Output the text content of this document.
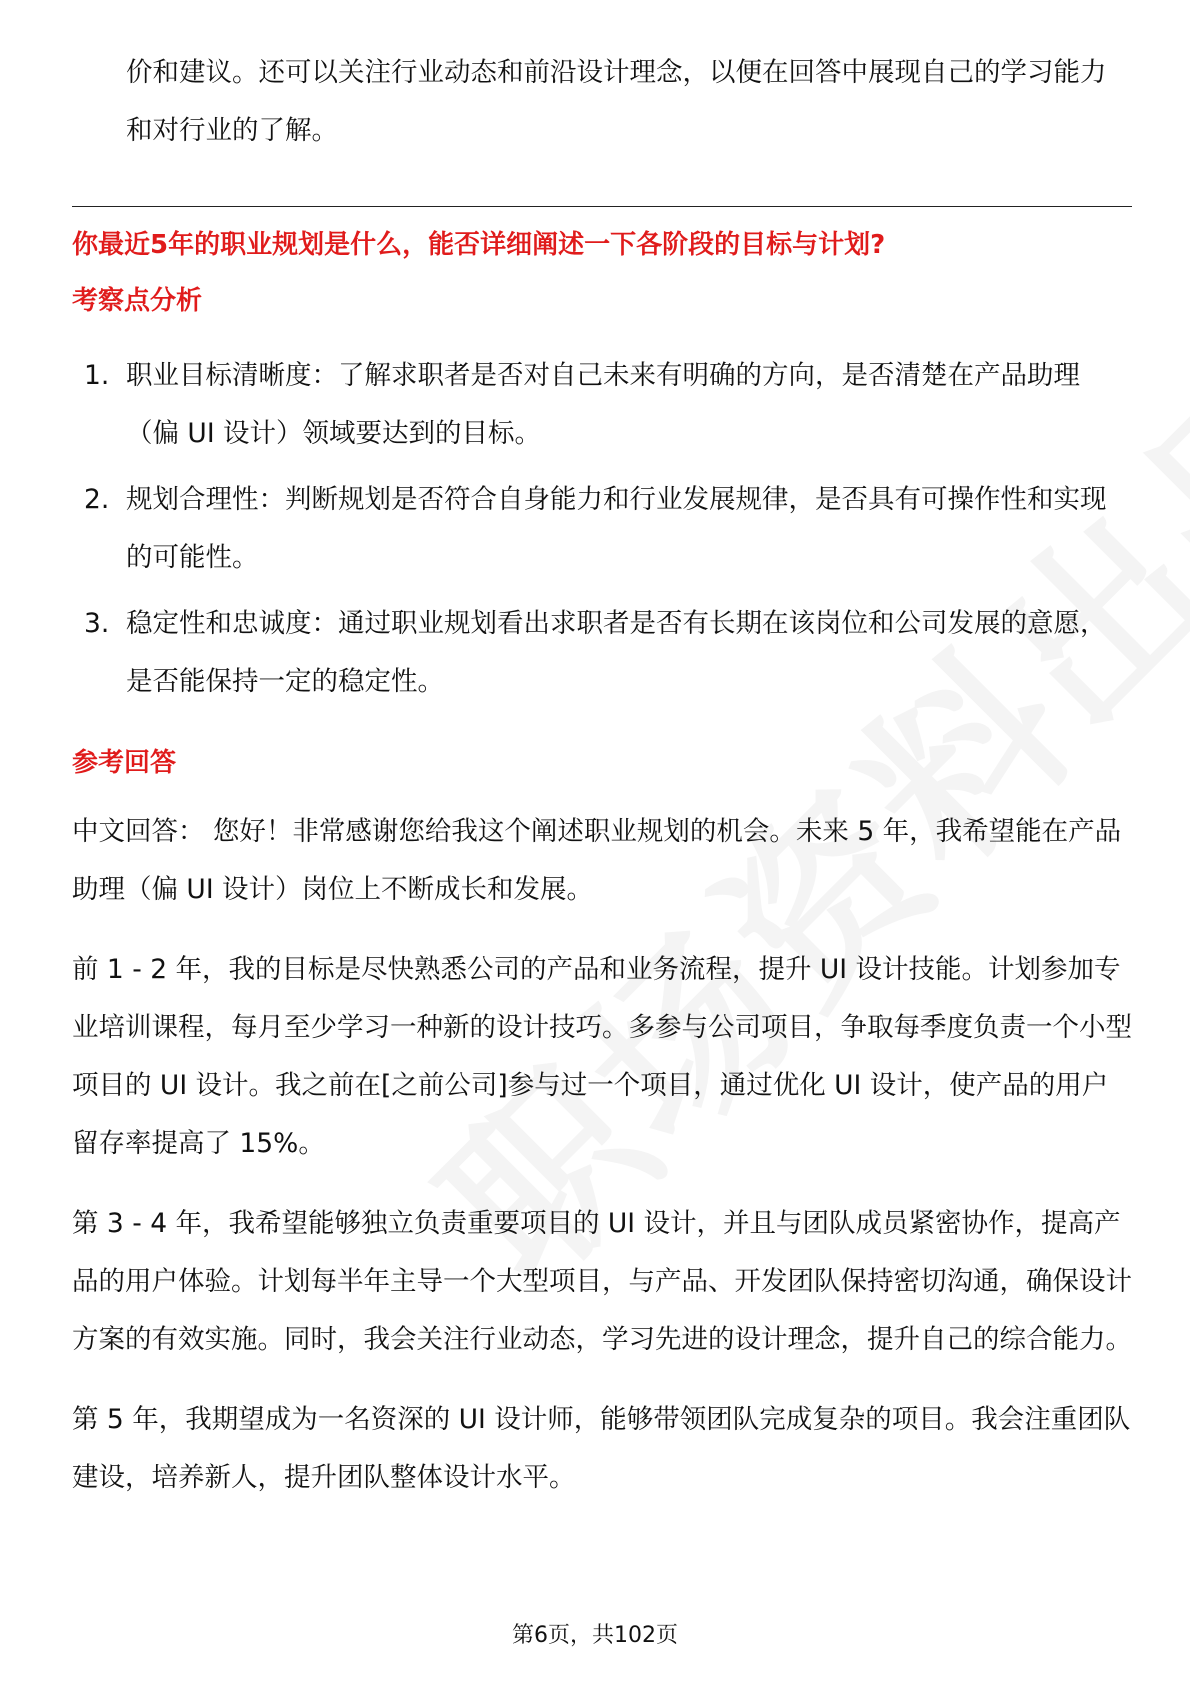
价和建议。还可以关注行业动态和前沿设计理念，以便在回答中展现自己的学习能力和对行业的了解。

你最近5年的职业规划是什么，能否详细阐述一下各阶段的目标与计划?

考察点分析

1. 职业目标清晰度：了解求职者是否对自己未来有明确的方向，是否清楚在产品助理（偏 UI 设计）领域要达到的目标。
2. 规划合理性：判断规划是否符合自身能力和行业发展规律，是否具有可操作性和实现的可能性。
3. 稳定性和忠诚度：通过职业规划看出求职者是否有长期在该岗位和公司发展的意愿，是否能保持一定的稳定性。

参考回答

中文回答： 您好！非常感谢您给我这个阐述职业规划的机会。未来 5 年，我希望能在产品助理（偏 UI 设计）岗位上不断成长和发展。

前 1 - 2 年，我的目标是尽快熟悉公司的产品和业务流程，提升 UI 设计技能。计划参加专业培训课程，每月至少学习一种新的设计技巧。多参与公司项目，争取每季度负责一个小型项目的 UI 设计。我之前在[之前公司]参与过一个项目，通过优化 UI 设计，使产品的用户留存率提高了 15%。

第 3 - 4 年，我希望能够独立负责重要项目的 UI 设计，并且与团队成员紧密协作，提高产品的用户体验。计划每半年主导一个大型项目，与产品、开发团队保持密切沟通，确保设计方案的有效实施。同时，我会关注行业动态，学习先进的设计理念，提升自己的综合能力。

第 5 年，我期望成为一名资深的 UI 设计师，能够带领团队完成复杂的项目。我会注重团队建设，培养新人，提升团队整体设计水平。

第6页，共102页
